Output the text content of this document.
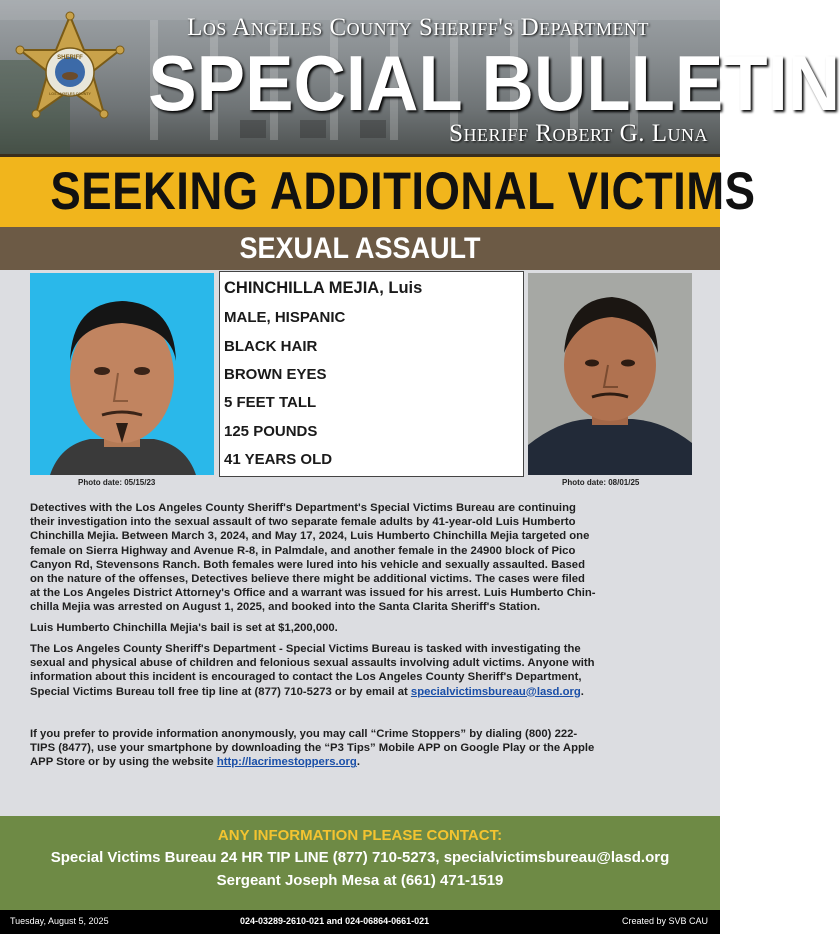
SHERIFF
LOS ANGELES COUNTY
Los Angeles County Sheriff's Department
SPECIAL BULLETIN
Sheriff Robert G. Luna
SEEKING ADDITIONAL VICTIMS
SEXUAL ASSAULT
Photo date: 05/15/23
CHINCHILLA MEJIA, Luis
MALE, HISPANIC
BLACK HAIR
BROWN EYES
5 FEET TALL
125 POUNDS
41 YEARS OLD
Photo date: 08/01/25
Detectives with the Los Angeles County Sheriff's Department's Special Victims Bureau are continuing
their investigation into the sexual assault of two separate female adults by 41-year-old Luis Humberto
Chinchilla Mejia. Between March 3, 2024, and May 17, 2024, Luis Humberto Chinchilla Mejia targeted one
female on Sierra Highway and Avenue R-8, in Palmdale, and another female in the 24900 block of Pico
Canyon Rd, Stevensons Ranch. Both females were lured into his vehicle and sexually assaulted. Based
on the nature of the offenses, Detectives believe there might be additional victims. The cases were filed
at the Los Angeles District Attorney's Office and a warrant was issued for his arrest. Luis Humberto Chin-
chilla Mejia was arrested on August 1, 2025, and booked into the Santa Clarita Sheriff's Station.
Luis Humberto Chinchilla Mejia's bail is set at $1,200,000.
The Los Angeles County Sheriff's Department - Special Victims Bureau is tasked with investigating the
sexual and physical abuse of children and felonious sexual assaults involving adult victims. Anyone with
information about this incident is encouraged to contact the Los Angeles County Sheriff's Department,
Special Victims Bureau toll free tip line at (877) 710-5273 or by email at specialvictimsbureau@lasd.org.
If you prefer to provide information anonymously, you may call “Crime Stoppers” by dialing (800) 222-
TIPS (8477), use your smartphone by downloading the “P3 Tips” Mobile APP on Google Play or the Apple
APP Store or by using the website http://lacrimestoppers.org.
ANY INFORMATION PLEASE CONTACT:
Special Victims Bureau 24 HR TIP LINE (877) 710-5273, specialvictimsbureau@lasd.org
Sergeant Joseph Mesa at (661) 471-1519
Tuesday, August 5, 2025	024-03289-2610-021 and 024-06864-0661-021	Created by SVB CAU
